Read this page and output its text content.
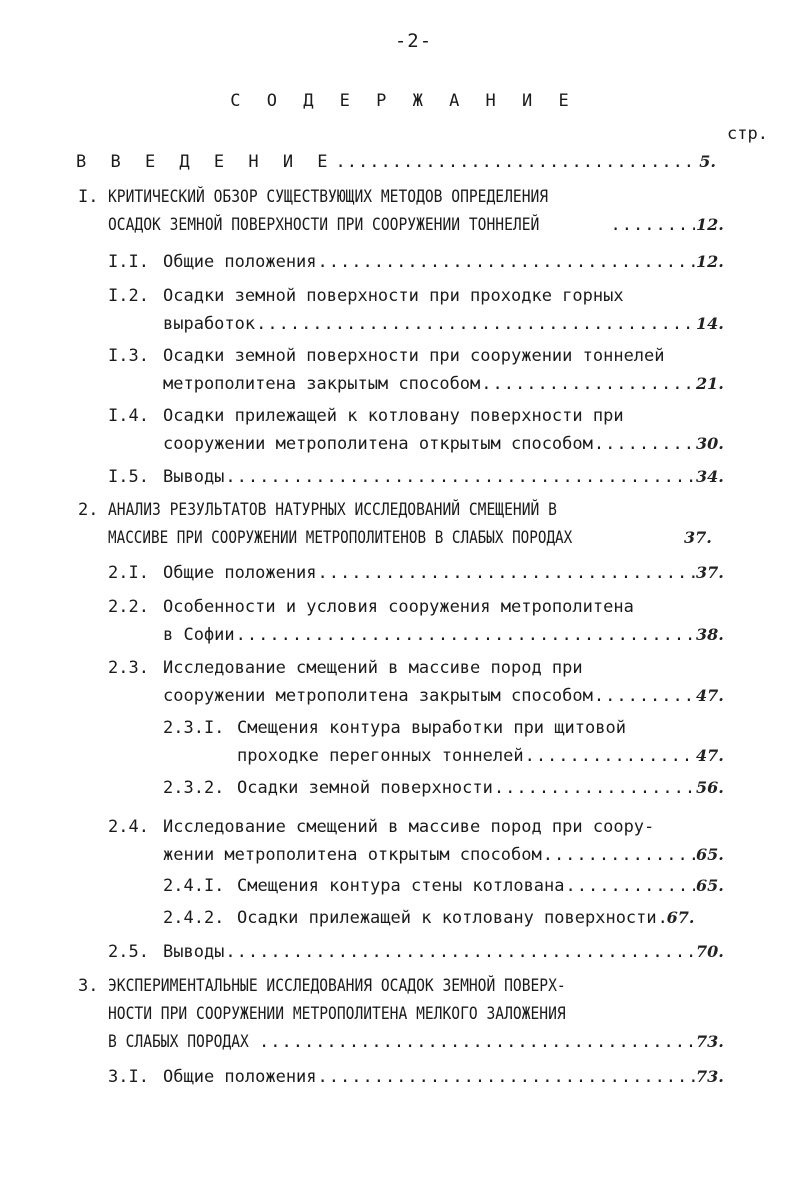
-2-
С О Д Е Р Ж А Н И Е
стр.
В В Е Д Е Н И Е .....	5.
I. КРИТИЧЕСКИЙ ОБЗОР СУЩЕСТВУЮЩИХ МЕТОДОВ ОПРЕДЕЛЕНИЯ
ОСАДОК ЗЕМНОЙ ПОВЕРХНОСТИ ПРИ СООРУЖЕНИИ ТОННЕЛЕЙ .....	12.
I.I. Общие положения .....	12.
I.2. Осадки земной поверхности при проходке горных
выработок .....	14.
I.3. Осадки земной поверхности при сооружении тоннелей
метрополитена закрытым способом .....	21.
I.4. Осадки прилежащей к котловану поверхности при
сооружении метрополитена открытым способом .....	30.
I.5. Выводы .....	34.
2. АНАЛИЗ РЕЗУЛЬТАТОВ НАТУРНЫХ ИССЛЕДОВАНИЙ СМЕЩЕНИЙ В
МАССИВЕ ПРИ СООРУЖЕНИИ МЕТРОПОЛИТЕНОВ В СЛАБЫХ ПОРОДАХ	37.
2.I. Общие положения .....	37.
2.2. Особенности и условия сооружения метрополитена
в Софии .....	38.
2.3. Исследование смещений в массиве пород при
сооружении метрополитена закрытым способом .....	47.
2.3.I. Смещения контура выработки при щитовой
проходке перегонных тоннелей .....	47.
2.3.2. Осадки земной поверхности .....	56.
2.4. Исследование смещений в массиве пород при соору-
жении метрополитена открытым способом .....	65.
2.4.I. Смещения контура стены котлована .....	65.
2.4.2. Осадки прилежащей к котловану поверхности ..... 67.
2.5. Выводы .....	70.
3. ЭКСПЕРИМЕНТАЛЬНЫЕ ИССЛЕДОВАНИЯ ОСАДОК ЗЕМНОЙ ПОВЕРХ-
НОСТИ ПРИ СООРУЖЕНИИ МЕТРОПОЛИТЕНА МЕЛКОГО ЗАЛОЖЕНИЯ
В СЛАБЫХ ПОРОДАХ .....	73.
3.I. Общие положения .....	73.
